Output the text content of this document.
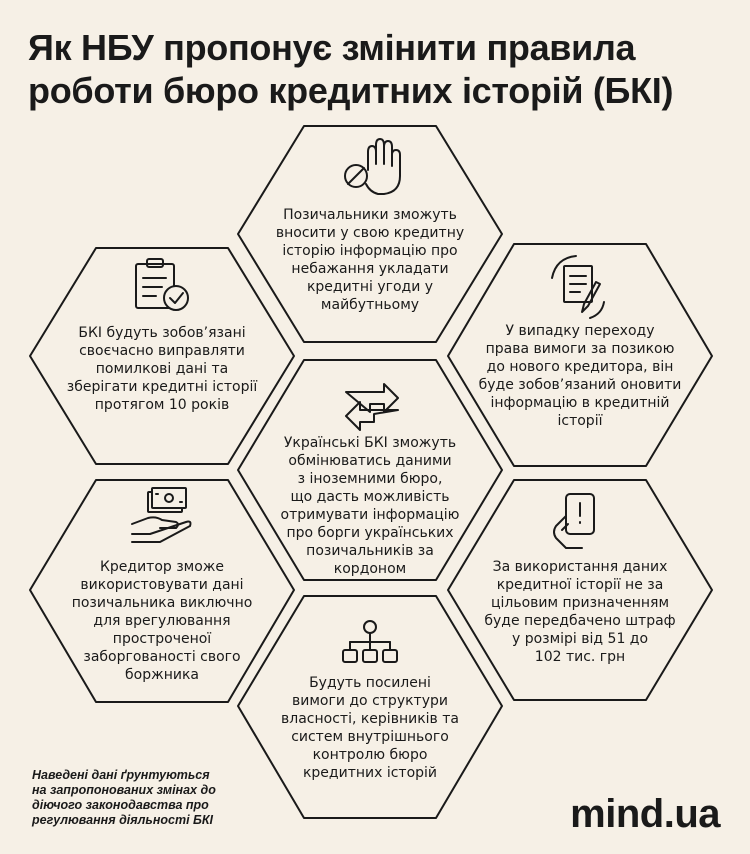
Як НБУ пропонує змінити правила
роботи бюро кредитних історій (БКІ)
Позичальники зможуть
вносити у свою кредитну
історію інформацію про
небажання укладати
кредитні угоди у
майбутньому
БКІ будуть зобов’язані
своєчасно виправляти
помилкові дані та
зберігати кредитні історії
протягом 10 років
У випадку переходу
права вимоги за позикою
до нового кредитора, він
буде зобов’язаний оновити
інформацію в кредитній
історії
Українські БКІ зможуть
обмінюватись даними
з іноземними бюро,
що дасть можливість
отримувати інформацію
про борги українських
позичальників за
кордоном
Кредитор зможе
використовувати дані
позичальника виключно
для врегулювання
простроченої
заборгованості свого
боржника
За використання даних
кредитної історії не за
цільовим призначенням
буде передбачено штраф
у розмірі від 51 до
102 тис. грн
Будуть посилені
вимоги до структури
власності, керівників та
систем внутрішнього
контролю бюро
кредитних історій
Наведені дані ґрунтуються
на запропонованих змінах до
діючого законодавства про
регулювання діяльності БКІ	mind.ua
